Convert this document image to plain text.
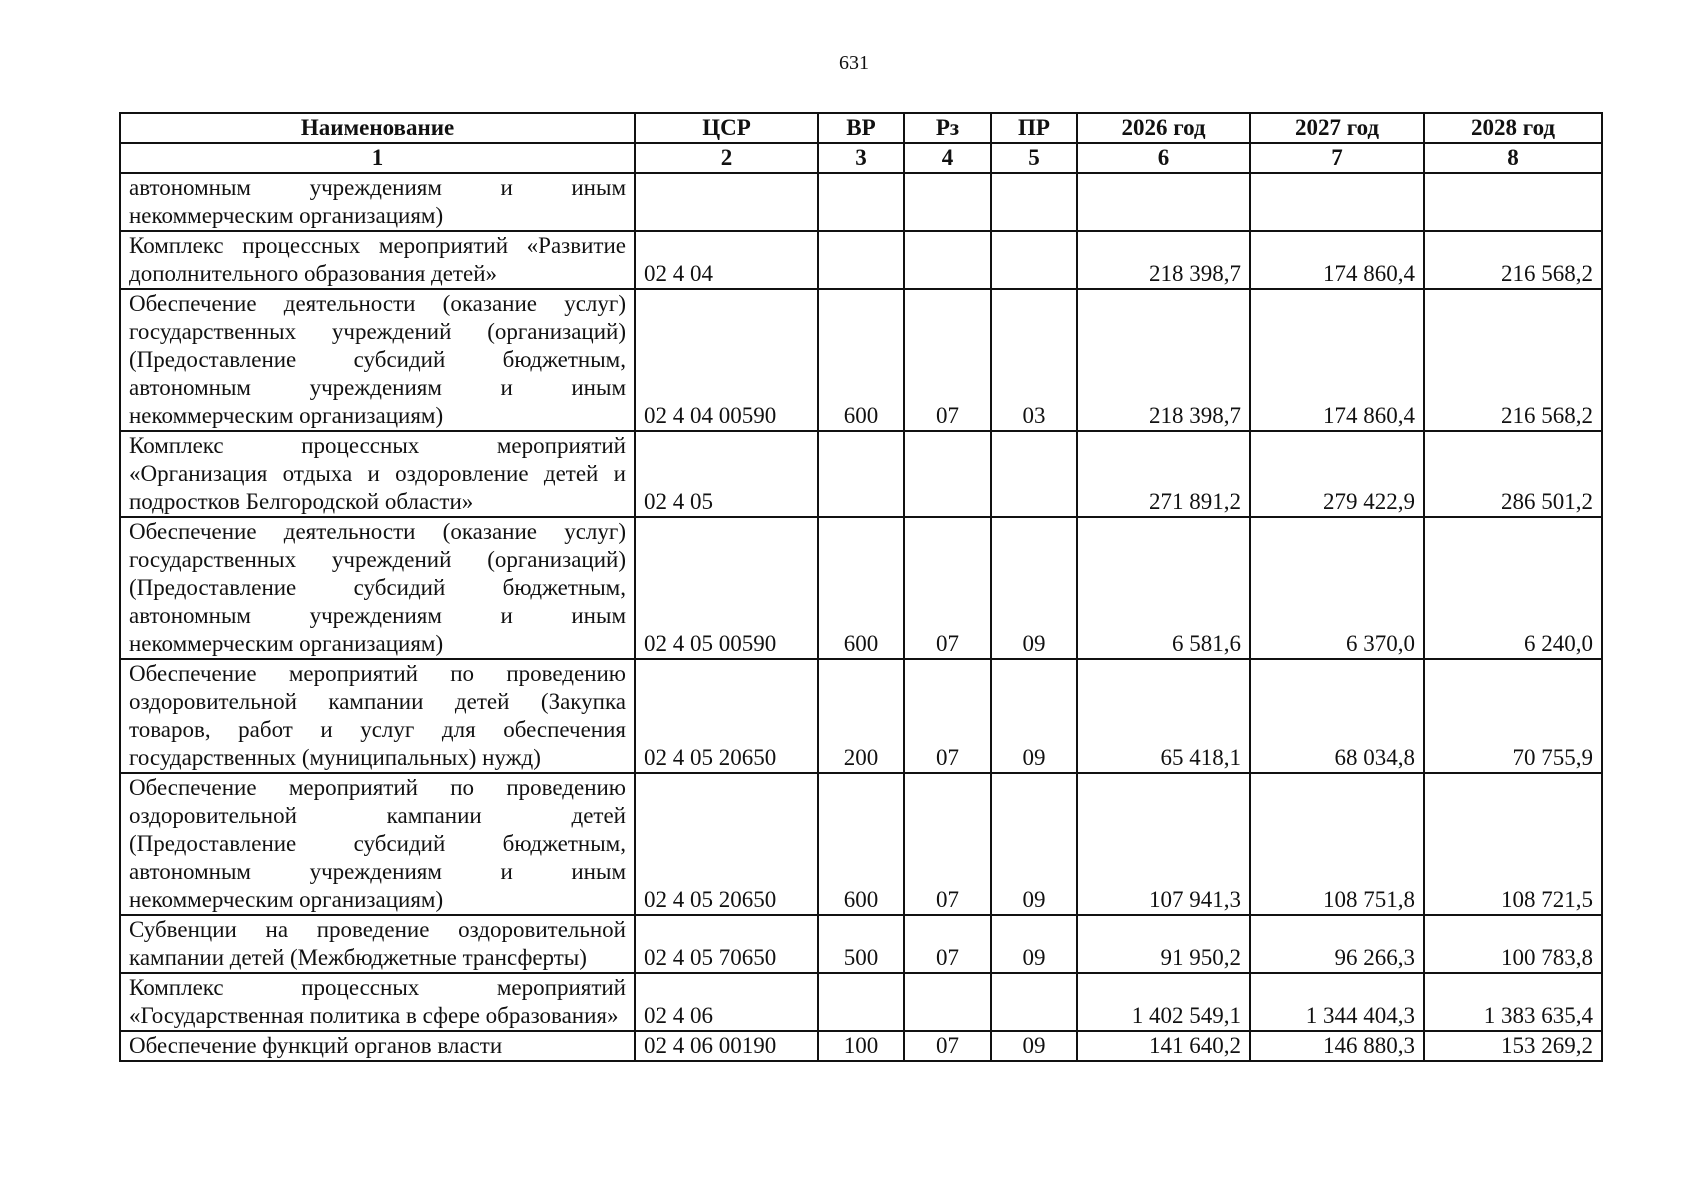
631
Наименование	ЦСР	ВР	Рз	ПР	2026 год	2027 год	2028 год
1	2	3	4	5	6	7	8
автономным учреждениям и иным некоммерческим организациям)							
Комплекс процессных мероприятий «Развитие дополнительного образования детей»	02 4 04				218 398,7	174 860,4	216 568,2
Обеспечение деятельности (оказание услуг) государственных учреждений (организаций) (Предоставление субсидий бюджетным, автономным учреждениям и иным некоммерческим организациям)	02 4 04 00590	600	07	03	218 398,7	174 860,4	216 568,2
Комплекс процессных мероприятий «Организация отдыха и оздоровление детей и подростков Белгородской области»	02 4 05				271 891,2	279 422,9	286 501,2
Обеспечение деятельности (оказание услуг) государственных учреждений (организаций) (Предоставление субсидий бюджетным, автономным учреждениям и иным некоммерческим организациям)	02 4 05 00590	600	07	09	6 581,6	6 370,0	6 240,0
Обеспечение мероприятий по проведению оздоровительной кампании детей (Закупка товаров, работ и услуг для обеспечения государственных (муниципальных) нужд)	02 4 05 20650	200	07	09	65 418,1	68 034,8	70 755,9
Обеспечение мероприятий по проведению оздоровительной кампании детей (Предоставление субсидий бюджетным, автономным учреждениям и иным некоммерческим организациям)	02 4 05 20650	600	07	09	107 941,3	108 751,8	108 721,5
Субвенции на проведение оздоровительной кампании детей (Межбюджетные трансферты)	02 4 05 70650	500	07	09	91 950,2	96 266,3	100 783,8
Комплекс процессных мероприятий «Государственная политика в сфере образования»	02 4 06				1 402 549,1	1 344 404,3	1 383 635,4
Обеспечение функций органов власти	02 4 06 00190	100	07	09	141 640,2	146 880,3	153 269,2
